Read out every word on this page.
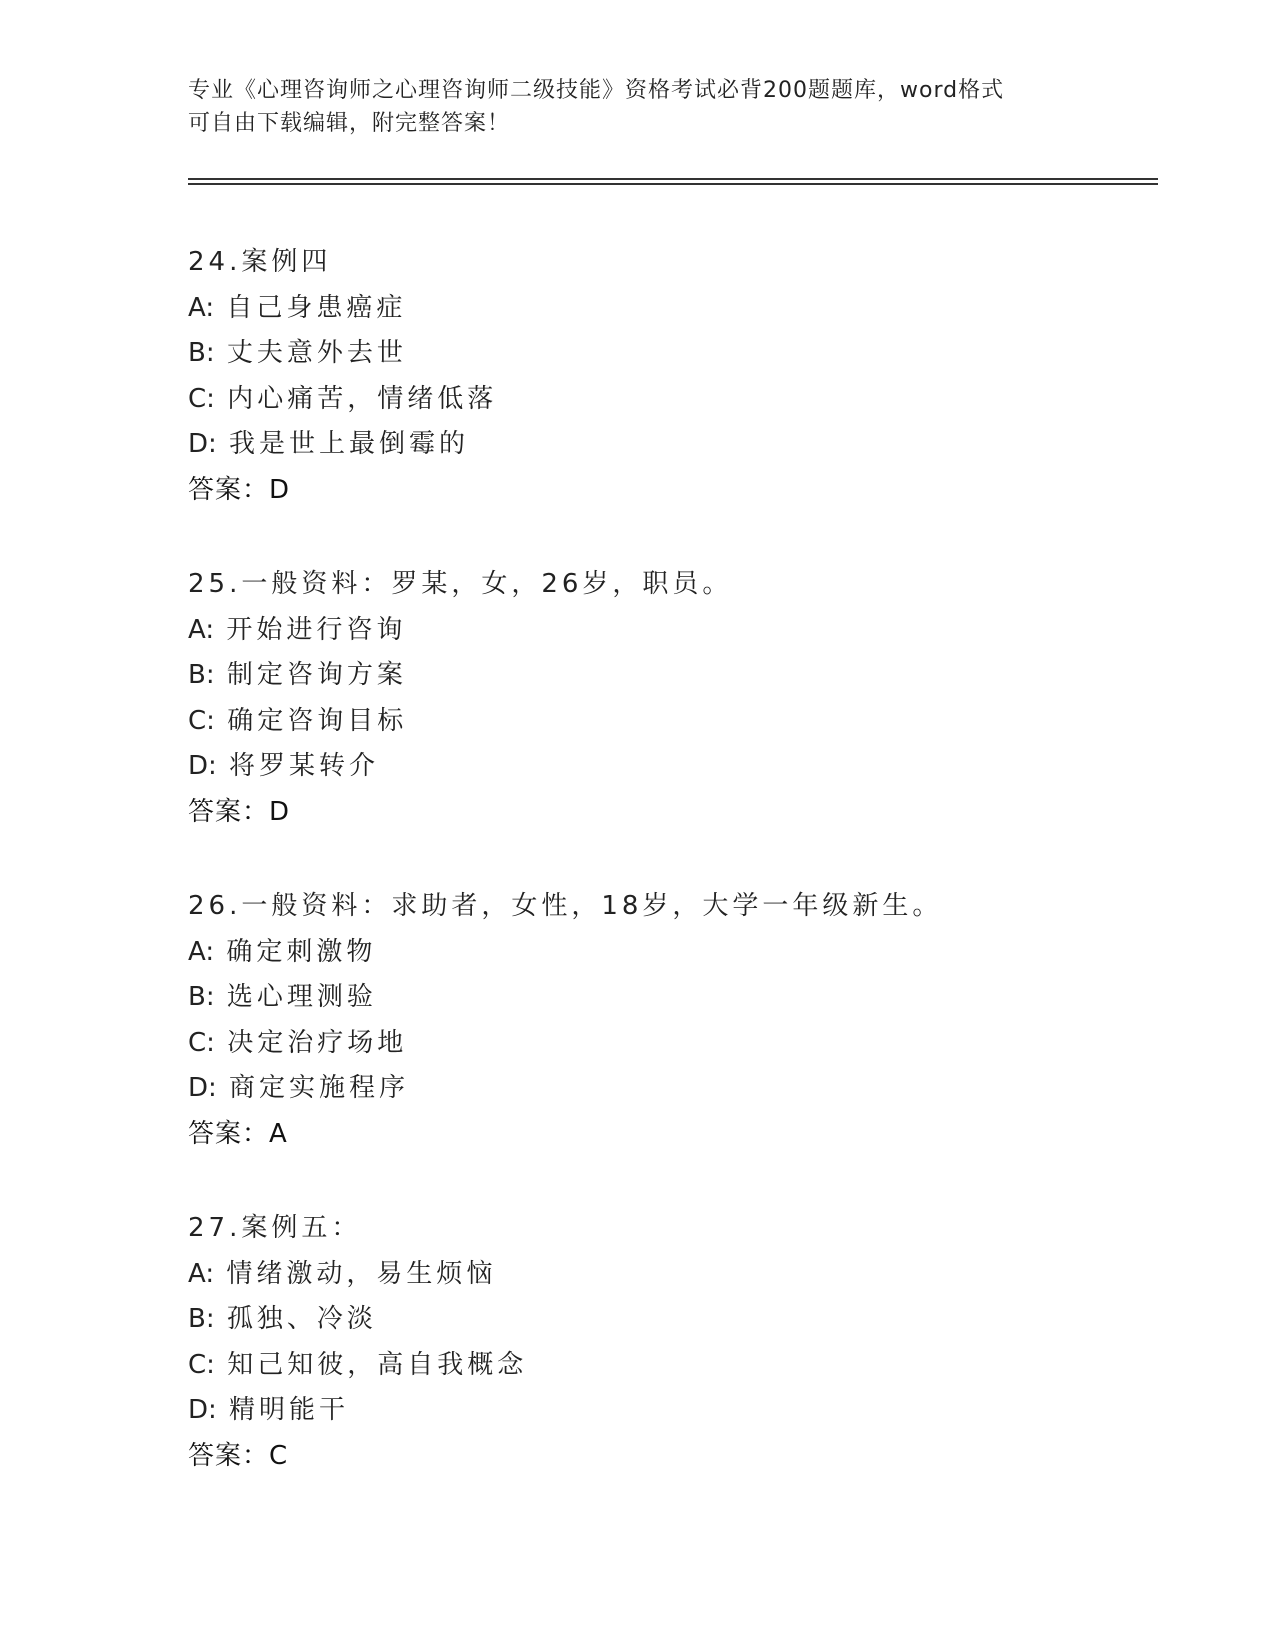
专业《心理咨询师之心理咨询师二级技能》资格考试必背200题题库，word格式
可自由下载编辑，附完整答案！
24.案例四
A: 自己身患癌症
B: 丈夫意外去世
C: 内心痛苦，情绪低落
D: 我是世上最倒霉的
答案：D
25.一般资料：罗某，女，26岁，职员。
A: 开始进行咨询
B: 制定咨询方案
C: 确定咨询目标
D: 将罗某转介
答案：D
26.一般资料：求助者，女性，18岁，大学一年级新生。
A: 确定刺激物
B: 选心理测验
C: 决定治疗场地
D: 商定实施程序
答案：A
27.案例五：
A: 情绪激动，易生烦恼
B: 孤独、冷淡
C: 知己知彼，高自我概念
D: 精明能干
答案：C
